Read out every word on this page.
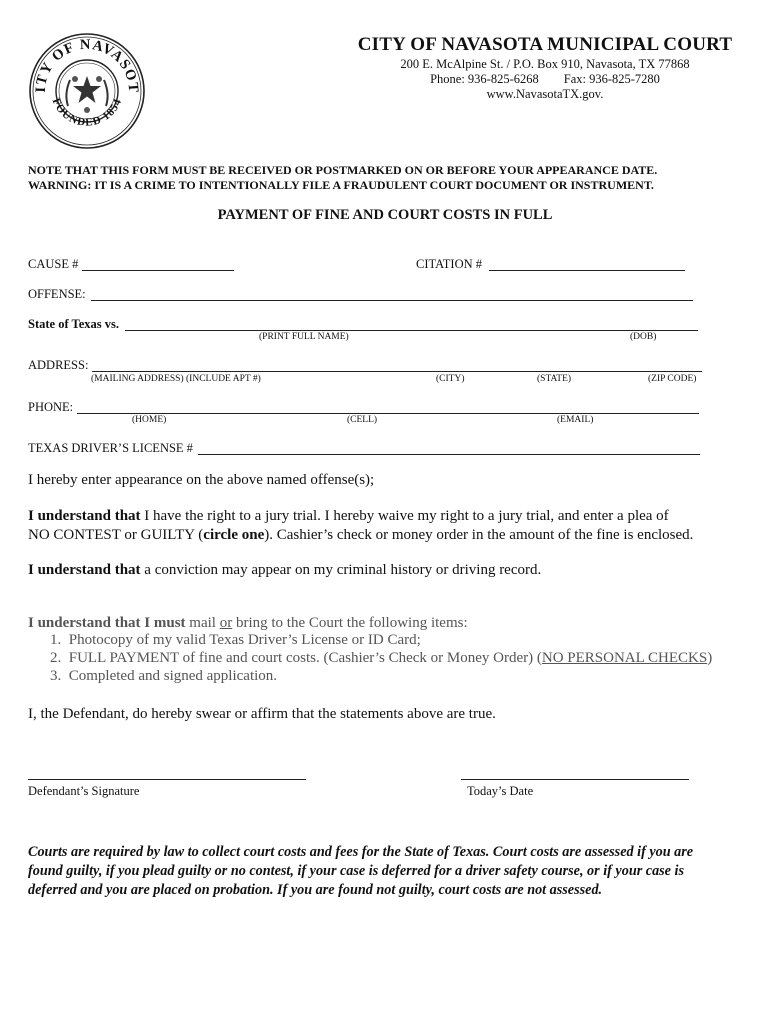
ITY OF NAVASOT
FOUNDED 1854
CITY OF NAVASOTA MUNICIPAL COURT
200 E. McAlpine St. / P.O. Box 910, Navasota, TX 77868
Phone: 936-825-6268        Fax: 936-825-7280
www.NavasotaTX.gov.
NOTE THAT THIS FORM MUST BE RECEIVED OR POSTMARKED ON OR BEFORE YOUR APPEARANCE DATE.
WARNING: IT IS A CRIME TO INTENTIONALLY FILE A FRAUDULENT COURT DOCUMENT OR INSTRUMENT.
PAYMENT OF FINE AND COURT COSTS IN FULL
CAUSE #	CITATION #
OFFENSE:
State of Texas vs.
(PRINT FULL NAME)	(DOB)
ADDRESS:
(MAILING ADDRESS) (INCLUDE APT #)	(CITY)	(STATE)	(ZIP CODE)
PHONE:
(HOME)	(CELL)	(EMAIL)
TEXAS DRIVER’S LICENSE #
I hereby enter appearance on the above named offense(s);
I understand that I have the right to a jury trial. I hereby waive my right to a jury trial, and enter a plea of
NO CONTEST or GUILTY (circle one). Cashier’s check or money order in the amount of the fine is enclosed.
I understand that a conviction may appear on my criminal history or driving record.
I understand that I must mail or bring to the Court the following items:
1. Photocopy of my valid Texas Driver’s License or ID Card;
2. FULL PAYMENT of fine and court costs. (Cashier’s Check or Money Order) (NO PERSONAL CHECKS)
3. Completed and signed application.
I, the Defendant, do hereby swear or affirm that the statements above are true.
Defendant’s Signature	Today’s Date
Courts are required by law to collect court costs and fees for the State of Texas. Court costs are assessed if you are found guilty, if you plead guilty or no contest, if your case is deferred for a driver safety course, or if your case is deferred and you are placed on probation. If you are found not guilty, court costs are not assessed.
